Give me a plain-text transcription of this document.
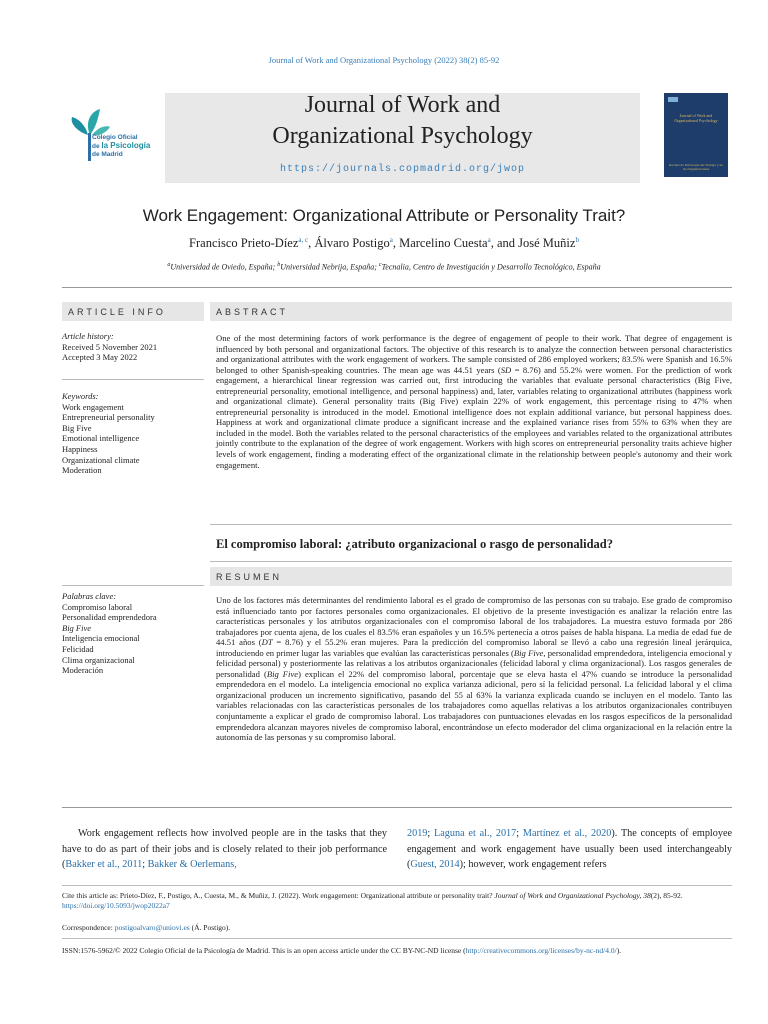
Journal of Work and Organizational Psychology (2022) 38(2) 85-92
Colegio Oficial
de la Psicología
de Madrid
Journal of Work and
Organizational Psychology
https://journals.copmadrid.org/jwop
Journal of Work and Organizational Psychology
Revista de Psicología del Trabajo y de las Organizaciones
Work Engagement: Organizational Attribute or Personality Trait?
Francisco Prieto-Díez$^{a, c}$, Álvaro Postigo$^a$, Marcelino Cuesta$^a$, and José Muñiz$^b$
$^a$Universidad de Oviedo, España; $^b$Universidad Nebrija, España; $^c$Tecnalia, Centro de Investigación y Desarrollo Tecnológico, España
ARTICLE INFO
Article history:
Received 5 November 2021
Accepted 3 May 2022
Keywords:
Work engagement
Entrepreneurial personality
Big Five
Emotional intelligence
Happiness
Organizational climate
Moderation
ABSTRACT
One of the most determining factors of work performance is the degree of engagement of people to their work. That degree of engagement is influenced by both personal and organizational factors. The objective of this research is to analyze the connection between personal characteristics and organizational attributes with the work engagement of workers. The sample consisted of 286 employed workers; 83.5% were Spanish and 16.5% belonged to other Spanish-speaking countries. The mean age was 44.51 years (SD = 8.76) and 55.2% were women. For the prediction of work engagement, a hierarchical linear regression was carried out, first introducing the variables that evaluate personal characteristics (Big Five, entrepreneurial personality, emotional intelligence, and personal happiness) and, later, variables relating to organizational attributes (happiness work and organizational climate). General personality traits (Big Five) explain 22% of work engagement, this percentage rising to 47% when entrepreneurial personality is introduced in the model. Emotional intelligence does not explain additional variance, but personal happiness does. Happiness at work and organizational climate produce a significant increase and the explained variance rises from 55% to 63% when they are included in the model. Both the variables related to the personal characteristics of the employees and variables related to the organizational attributes jointly contribute to the explanation of the degree of work engagement. Workers with high scores on entrepreneurial personality traits achieve higher levels of work engagement, finding a moderating effect of the organizational climate in the relationship between people's autonomy and their work engagement.
El compromiso laboral: ¿atributo organizacional o rasgo de personalidad?
RESUMEN
Palabras clave:
Compromiso laboral
Personalidad emprendedora
Big Five
Inteligencia emocional
Felicidad
Clima organizacional
Moderación
Uno de los factores más determinantes del rendimiento laboral es el grado de compromiso de las personas con su trabajo. Ese grado de compromiso está influenciado tanto por factores personales como organizacionales. El objetivo de la presente investigación es analizar la relación entre las características personales y los atributos organizacionales con el compromiso laboral de los trabajadores. La muestra estuvo formada por 286 trabajadores por cuenta ajena, de los cuales el 83.5% eran españoles y un 16.5% pertenecía a otros países de habla hispana. La media de edad fue de 44.51 años (DT = 8.76) y el 55.2% eran mujeres. Para la predicción del compromiso laboral se llevó a cabo una regresión lineal jerárquica, introduciendo en primer lugar las variables que evalúan las características personales (Big Five, personalidad emprendedora, inteligencia emocional y felicidad personal) y posteriormente las relativas a los atributos organizacionales (felicidad laboral y clima organizacional). Los rasgos generales de personalidad (Big Five) explican el 22% del compromiso laboral, porcentaje que se eleva hasta el 47% cuando se introduce la personalidad emprendedora en el modelo. La inteligencia emocional no explica varianza adicional, pero sí la felicidad personal. La felicidad laboral y el clima organizacional producen un incremento significativo, pasando del 55 al 63% la varianza explicada cuando se incluyen en el modelo. Tanto las variables relacionadas con las características personales de los trabajadores como aquellas relativas a los atributos organizacionales contribuyen conjuntamente a explicar el grado de compromiso laboral. Los trabajadores con puntuaciones elevadas en los rasgos específicos de la personalidad emprendedora alcanzan mayores niveles de compromiso laboral, encontrándose un efecto moderador del clima organizacional en la relación entre la autonomía de las personas y su compromiso laboral.
Work engagement reflects how involved people are in the tasks that they have to do as part of their jobs and is closely related to their job performance (Bakker et al., 2011; Bakker & Oerlemans,
2019; Laguna et al., 2017; Martínez et al., 2020). The concepts of employee engagement and work engagement have usually been used interchangeably (Guest, 2014); however, work engagement refers
Cite this article as: Prieto-Díez, F., Postigo, A., Cuesta, M., & Muñiz, J. (2022). Work engagement: Organizational attribute or personality trait? Journal of Work and Organizational Psychology, 38(2), 85-92. https://doi.org/10.5093/jwop2022a7
Correspondence: postigoalvaro@uniovi.es (Á. Postigo).
ISSN:1576-5962/© 2022 Colegio Oficial de la Psicología de Madrid. This is an open access article under the CC BY-NC-ND license (http://creativecommons.org/licenses/by-nc-nd/4.0/).
